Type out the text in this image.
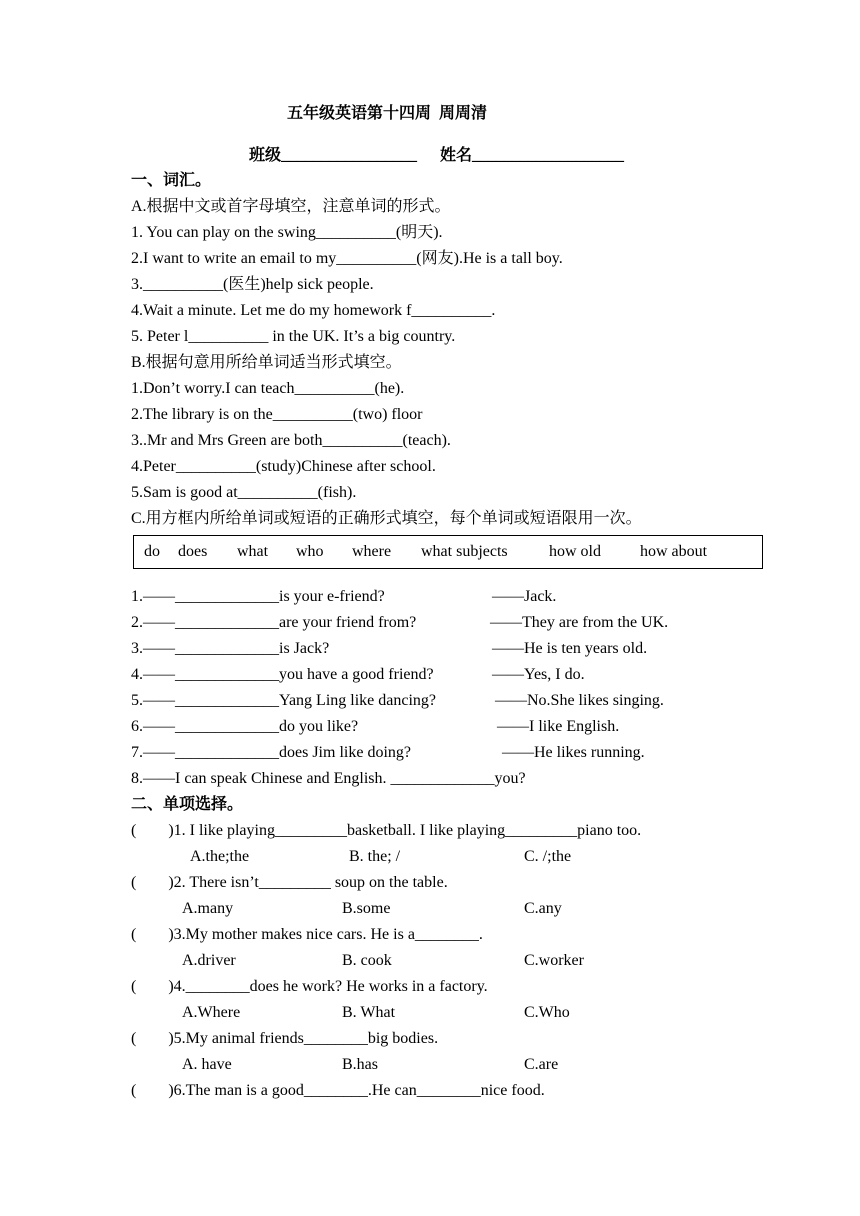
五年级英语第十四周  周周清
班级_________________ 姓名___________________
一、词汇。
A.根据中文或首字母填空，注意单词的形式。
1. You can play on the swing__________(明天).
2.I want to write an email to my__________(网友).He is a tall boy.
3.__________(医生)help sick people.
4.Wait a minute. Let me do my homework f__________.
5. Peter l__________ in the UK. It’s a big country.
B.根据句意用所给单词适当形式填空。
1.Don’t worry.I can teach__________(he).
2.The library is on the__________(two) floor
3..Mr and Mrs Green are both__________(teach).
4.Peter__________(study)Chinese after school.
5.Sam is good at__________(fish).
C.用方框内所给单词或短语的正确形式填空，每个单词或短语限用一次。
do does what who where what subjects	how old how about
1.——_____________is your e-friend?	——Jack.
2.——_____________are your friend from?	——They are from the UK.
3.——_____________is Jack?	——He is ten years old.
4.——_____________you have a good friend?	——Yes, I do.
5.——_____________Yang Ling like dancing?	——No.She likes singing.
6.——_____________do you like?	——I like English.
7.——_____________does Jim like doing?	——He likes running.
8.——I can speak Chinese and English. _____________you?
二、单项选择。
(        )1. I like playing_________basketball. I like playing_________piano too.
A.the;the	B. the; /	C. /;the
(        )2. There isn’t_________ soup on the table.
A.many	B.some	C.any
(        )3.My mother makes nice cars. He is a________.
A.driver	B. cook	C.worker
(        )4.________does he work? He works in a factory.
A.Where	B. What	C.Who
(        )5.My animal friends________big bodies.
A. have	B.has	C.are
(        )6.The man is a good________.He can________nice food.
